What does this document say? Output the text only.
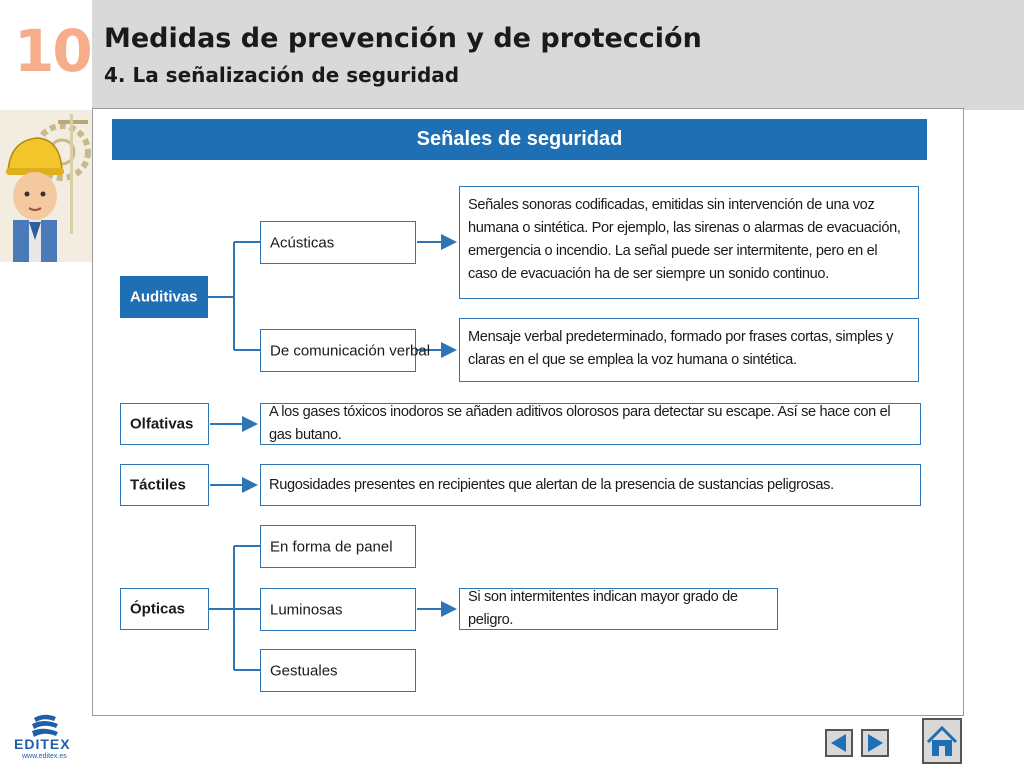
10 Medidas de prevención y de protección
4. La señalización de seguridad
Señales de seguridad
Auditivas
Olfativas
Táctiles
Ópticas
Acústicas
De comunicación verbal
En forma de panel
Luminosas
Gestuales
Señales sonoras codificadas, emitidas sin intervención de una voz humana o sintética. Por ejemplo, las sirenas o alarmas de evacuación, emergencia o incendio. La señal puede ser intermitente, pero en el caso de evacuación ha de ser siempre un sonido continuo.
Mensaje verbal predeterminado, formado por frases cortas, simples y claras en el que se emplea la voz humana o sintética.
A los gases tóxicos inodoros se añaden aditivos olorosos para detectar su escape. Así se hace con el gas butano.
Rugosidades presentes en recipientes que alertan de la presencia de sustancias peligrosas.
Si son intermitentes indican mayor grado de peligro.
EDITEX
www.editex.es
